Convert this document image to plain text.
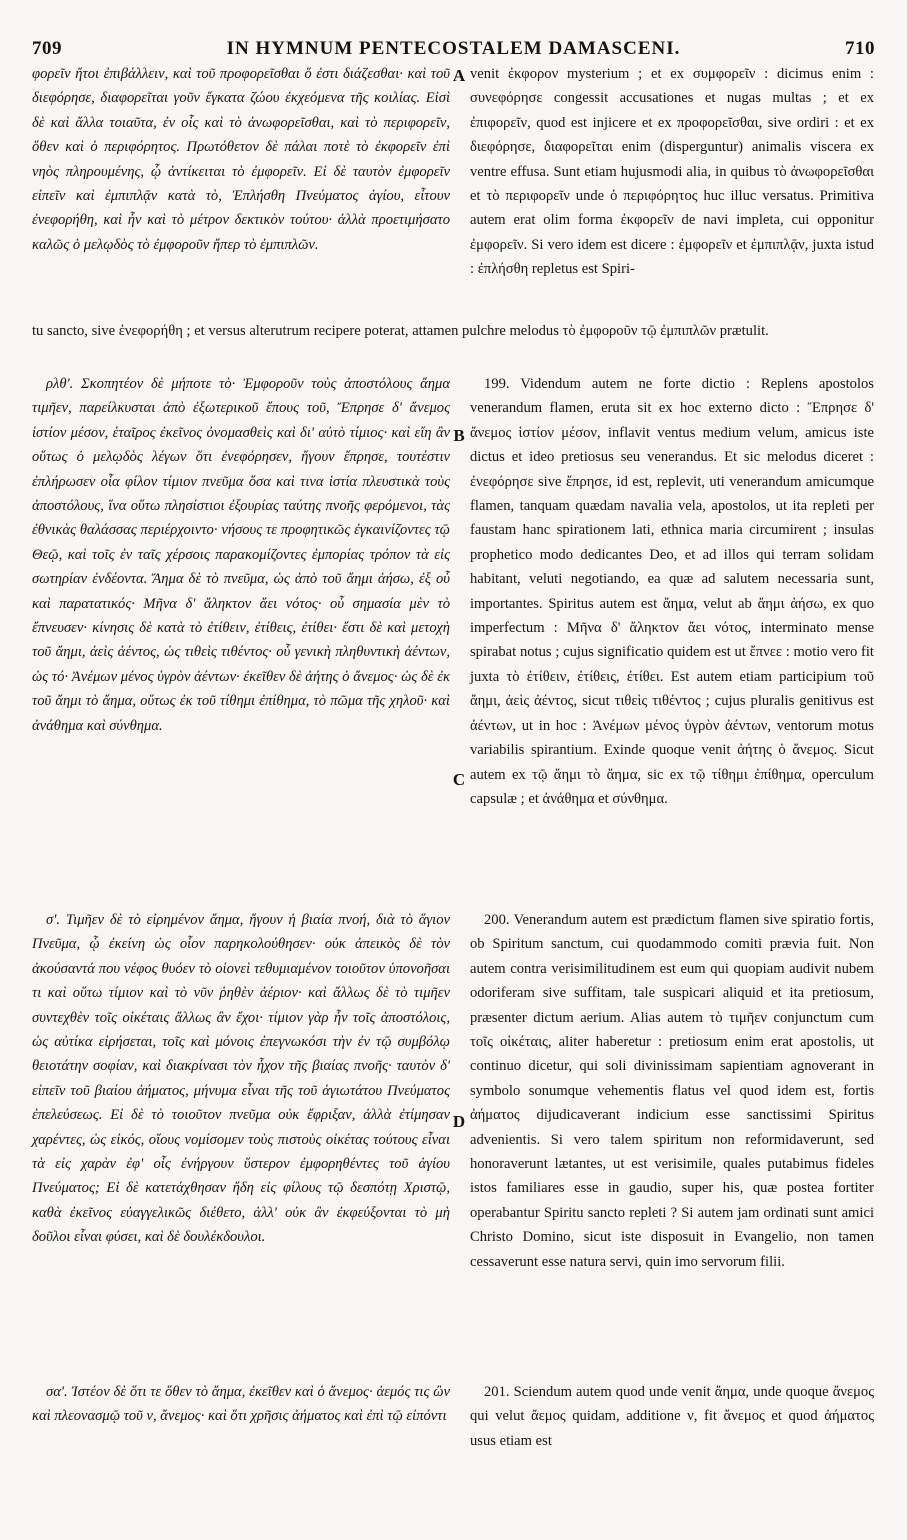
709	IN HYMNUM PENTECOSTALEM DAMASCENI.	710

φορεῖν ἤτοι ἐπιβάλλειν, καὶ τοῦ προφορεῖσθαι ὅ ἐστι διάζεσθαι· καὶ τοῦ διεφόρησε, διαφορεῖται γοῦν ἔγκατα ζώου ἐκχεόμενα τῆς κοιλίας. Εἰσὶ δὲ καὶ ἄλλα τοιαῦτα, ἐν οἷς καὶ τὸ ἀνωφορεῖσθαι, καὶ τὸ περιφορεῖν, ὅθεν καὶ ὁ περιφόρητος. Πρωτόθετον δὲ πάλαι ποτὲ τὸ ἐκφορεῖν ἐπὶ νηὸς πληρουμένης, ᾧ ἀντίκειται τὸ ἐμφορεῖν. Εἰ δὲ ταυτὸν ἐμφορεῖν εἰπεῖν καὶ ἐμπιπλᾷν κατὰ τὸ, Ἐπλήσθη Πνεύματος ἁγίου, εἶτουν ἐνεφορήθη, καὶ ἦν καὶ τὸ μέτρον δεκτικὸν τούτου· ἀλλὰ προετιμήσατο καλῶς ὁ μελῳδὸς τὸ ἐμφοροῦν ἤπερ τὸ ἐμπιπλῶν.

venit ἐκφορον mysterium ; et ex συμφορεῖν : dicimus enim : συνεφόρησε congessit accusationes et nugas multas ; et ex ἐπιφορεῖν, quod est injicere et ex προφορεῖσθαι, sive ordiri : et ex διεφόρησε, διαφορεῖται enim (disperguntur) animalis viscera ex ventre effusa. Sunt etiam hujusmodi alia, in quibus τὸ ἀνωφορεῖσθαι et τὸ περιφορεῖν unde ὁ περιφόρητος huc illuc versatus. Primitiva autem erat olim forma ἐκφορεῖν de navi impleta, cui opponitur ἐμφορεῖν. Si vero idem est dicere : ἐμφορεῖν et ἐμπιπλᾷν, juxta istud : ἐπλήσθη repletus est Spiri-

tu sancto, sive ἐνεφορήθη ; et versus alterutrum recipere poterat, attamen pulchre melodus τὸ ἐμφοροῦν τῷ ἐμπιπλῶν prætulit.

ρλθ'. Σκοπητέον δὲ μήποτε τὸ· Ἐμφοροῦν τοὺς ἀποστόλους ἄημα τιμῆεν, παρείλκυσται ἀπὸ ἐξωτερικοῦ ἔπους τοῦ, Ἔπρησε δ' ἄνεμος ἱστίον μέσον, ἑταῖρος ἐκεῖνος ὀνομασθεὶς καὶ δι' αὐτὸ τίμιος· καὶ εἴη ἂν οὕτως ὁ μελῳδὸς λέγων ὅτι ἐνεφόρησεν, ἤγουν ἔπρησε, τουτέστιν ἐπλήρωσεν οἷα φίλον τίμιον πνεῦμα ὅσα καὶ τινα ἱστία πλευστικὰ τοὺς ἀποστόλους, ἵνα οὕτω πλησίστιοι ἐξουρίας ταύτης πνοῆς φερόμενοι, τὰς ἐθνικὰς θαλάσσας περιέρχοιντο· νήσους τε προφητικῶς ἐγκαινίζοντες τῷ Θεῷ, καὶ τοῖς ἐν ταῖς χέρσοις παρακομίζοντες ἐμπορίας τρόπον τὰ εἰς σωτηρίαν ἐνδέοντα. Ἄημα δὲ τὸ πνεῦμα, ὡς ἀπὸ τοῦ ἄημι ἀήσω, ἐξ οὗ καὶ παρατατικός· Μῆνα δ' ἄληκτον ἄει νότος· οὗ σημασία μὲν τὸ ἔπνευσεν· κίνησις δὲ κατὰ τὸ ἐτίθειν, ἐτίθεις, ἐτίθει· ἔστι δὲ καὶ μετοχὴ τοῦ ἄημι, ἀεὶς ἀέντος, ὡς τιθεὶς τιθέντος· οὗ γενικὴ πληθυντικὴ ἀέντων, ὡς τό· Ἀνέμων μένος ὑγρὸν ἀέντων· ἐκεῖθεν δὲ ἀήτης ὁ ἄνεμος· ὡς δὲ ἐκ τοῦ ἄημι τὸ ἄημα, οὕτως ἐκ τοῦ τίθημι ἐπίθημα, τὸ πῶμα τῆς χηλοῦ· καὶ ἀνάθημα καὶ σύνθημα.

199. Videndum autem ne forte dictio : Replens apostolos venerandum flamen, eruta sit ex hoc externo dicto : Ἔπρησε δ' ἄνεμος ἱστίον μέσον, inflavit ventus medium velum, amicus iste dictus et ideo pretiosus seu venerandus. Et sic melodus diceret : ἐνεφόρησε sive ἔπρησε, id est, replevit, uti venerandum amicumque flamen, tanquam quædam navalia vela, apostolos, ut ita repleti per faustam hanc spirationem lati, ethnica maria circumirent ; insulas prophetico modo dedicantes Deo, et ad illos qui terram solidam habitant, veluti negotiando, ea quæ ad salutem necessaria sunt, importantes. Spiritus autem est ἄημα, velut ab ἄημι ἀήσω, ex quo imperfectum : Μῆνα δ' ἄληκτον ἄει νότος, interminato mense spirabat notus ; cujus significatio quidem est ut ἔπνεε : motio vero fit juxta τὸ ἐτίθειν, ἐτίθεις, ἐτίθει. Est autem etiam participium τοῦ ἄημι, ἀεὶς ἀέντος, sicut τιθεὶς τιθέντος ; cujus pluralis genitivus est ἀέντων, ut in hoc : Ἀνέμων μένος ὑγρὸν ἀέντων, ventorum motus variabilis spirantium. Exinde quoque venit ἀήτης ὁ ἄνεμος. Sicut autem ex τῷ ἄημι τὸ ἄημα, sic ex τῷ τίθημι ἐπίθημα, operculum capsulæ ; et ἀνάθημα et σύνθημα.

σ'. Τιμῆεν δὲ τὸ εἰρημένον ἄημα, ἤγουν ἡ βιαία πνοή, διὰ τὸ ἅγιον Πνεῦμα, ᾧ ἐκείνη ὡς οἷον παρηκολούθησεν· οὐκ ἀπεικὸς δὲ τὸν ἀκούσαντά που νέφος θυόεν τὸ οἱονεὶ τεθυμιαμένον τοιοῦτον ὑπονοῆσαι τι καὶ οὕτω τίμιον καὶ τὸ νῦν ῥηθὲν ἀέριον· καὶ ἄλλως δὲ τὸ τιμῆεν συντεχθὲν τοῖς οἰκέταις ἄλλως ἂν ἔχοι· τίμιον γὰρ ἦν τοῖς ἀποστόλοις, ὡς αὐτίκα εἰρήσεται, τοῖς καὶ μόνοις ἐπεγνωκόσι τὴν ἐν τῷ συμβόλῳ θειοτάτην σοφίαν, καὶ διακρίνασι τὸν ἦχον τῆς βιαίας πνοῆς· ταυτὸν δ' εἰπεῖν τοῦ βιαίου ἀήματος, μήνυμα εἶναι τῆς τοῦ ἁγιωτάτου Πνεύματος ἐπελεύσεως. Εἰ δὲ τὸ τοιοῦτον πνεῦμα οὐκ ἔφριξαν, ἀλλὰ ἐτίμησαν χαρέντες, ὡς εἰκός, οἵους νομίσομεν τοὺς πιστοὺς οἰκέτας τούτους εἶναι τὰ εἰς χαρὰν ἐφ' οἷς ἐνήργουν ὕστερον ἐμφορηθέντες τοῦ ἁγίου Πνεύματος; Εἰ δὲ κατετάχθησαν ἤδη εἰς φίλους τῷ δεσπότῃ Χριστῷ, καθὰ ἐκεῖνος εὐαγγελικῶς διέθετο, ἀλλ' οὐκ ἂν ἐκφεύξονται τὸ μὴ δοῦλοι εἶναι φύσει, καὶ δὲ δουλέκδουλοι.

200. Venerandum autem est prædictum flamen sive spiratio fortis, ob Spiritum sanctum, cui quodammodo comiti prævia fuit. Non autem contra verisimilitudinem est eum qui quopiam audivit nubem odoriferam sive suffitam, tale suspicari aliquid et ita pretiosum, præsenter dictum aerium. Alias autem τὸ τιμῆεν conjunctum cum τοῖς οἰκέταις, aliter haberetur : pretiosum enim erat apostolis, ut continuo dicetur, qui soli divinissimam sapientiam agnoverant in symbolo sonumque vehementis flatus vel quod idem est, fortis ἀήματος dijudicaverant indicium esse sanctissimi Spiritus advenientis. Si vero talem spiritum non reformidaverunt, sed honoraverunt lætantes, ut est verisimile, quales putabimus fideles istos familiares esse in gaudio, super his, quæ postea fortiter operabantur Spiritu sancto repleti ? Si autem jam ordinati sunt amici Christo Domino, sicut iste disposuit in Evangelio, non tamen cessaverunt esse natura servi, quin imo servorum filii.

σα'. Ἰστέον δὲ ὅτι τε ὅθεν τὸ ἄημα, ἐκεῖθεν καὶ ὁ ἄνεμος· ἀεμός τις ὢν καὶ πλεονασμῷ τοῦ ν, ἄνεμος· καὶ ὅτι χρῆσις ἀήματος καὶ ἐπὶ τῷ εἰπόντι

201. Sciendum autem quod unde venit ἄημα, unde quoque ἄνεμος qui velut ἄεμος quidam, additione ν, fit ἄνεμος et quod ἀήματος usus etiam est

A
B
C
D
